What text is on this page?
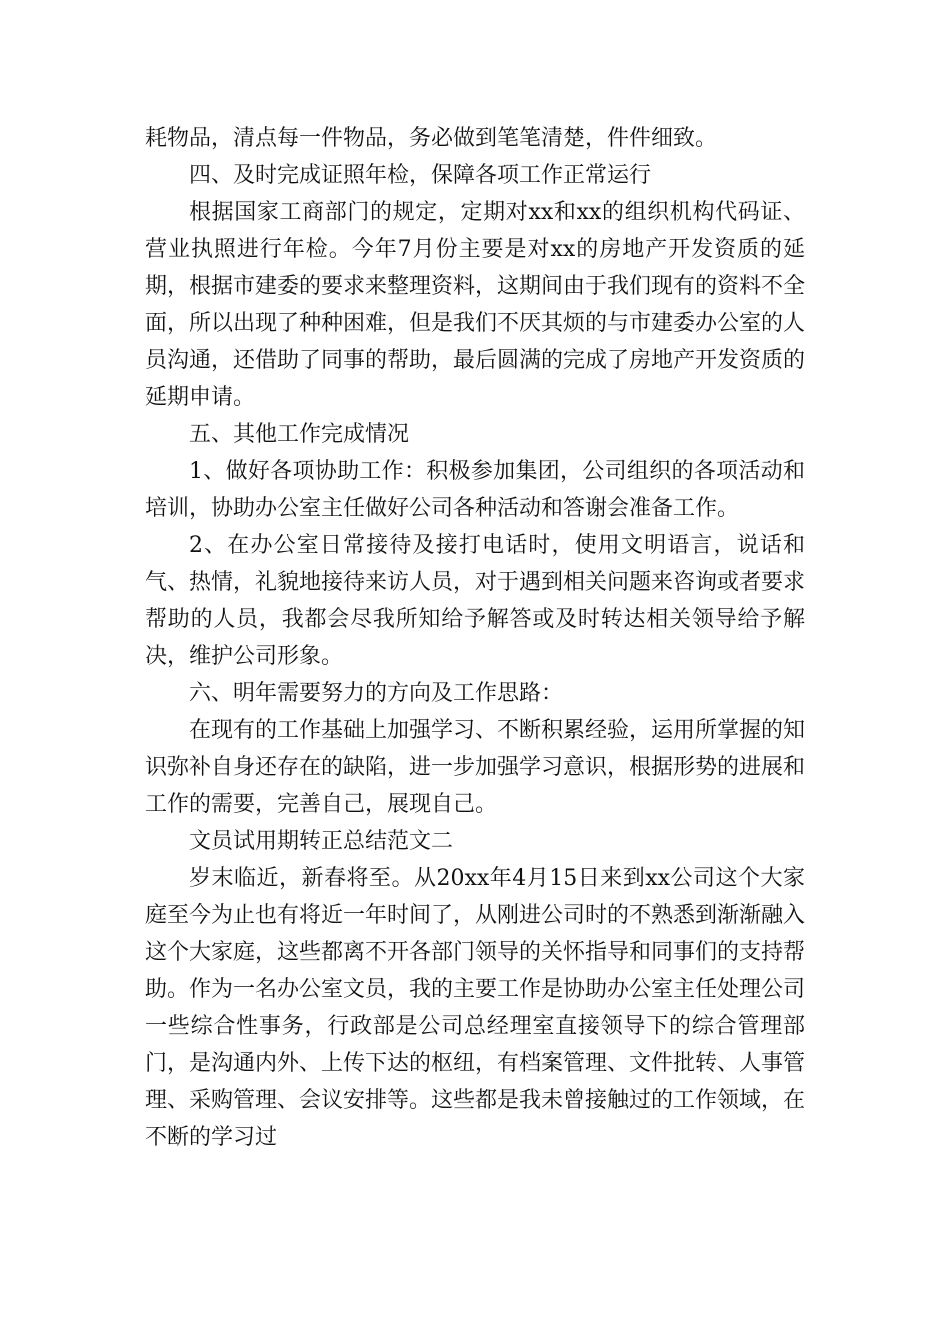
耗物品，清点每一件物品，务必做到笔笔清楚，件件细致。

四、及时完成证照年检，保障各项工作正常运行

根据国家工商部门的规定，定期对xx和xx的组织机构代码证、营业执照进行年检。今年7月份主要是对xx的房地产开发资质的延期，根据市建委的要求来整理资料，这期间由于我们现有的资料不全面，所以出现了种种困难，但是我们不厌其烦的与市建委办公室的人员沟通，还借助了同事的帮助，最后圆满的完成了房地产开发资质的延期申请。

五、其他工作完成情况

1、做好各项协助工作：积极参加集团，公司组织的各项活动和培训，协助办公室主任做好公司各种活动和答谢会准备工作。

2、在办公室日常接待及接打电话时，使用文明语言，说话和气、热情，礼貌地接待来访人员，对于遇到相关问题来咨询或者要求帮助的人员，我都会尽我所知给予解答或及时转达相关领导给予解决，维护公司形象。

六、明年需要努力的方向及工作思路：

在现有的工作基础上加强学习、不断积累经验，运用所掌握的知识弥补自身还存在的缺陷，进一步加强学习意识，根据形势的进展和工作的需要，完善自己，展现自己。

文员试用期转正总结范文二

岁末临近，新春将至。从20xx年4月15日来到xx公司这个大家庭至今为止也有将近一年时间了，从刚进公司时的不熟悉到渐渐融入这个大家庭，这些都离不开各部门领导的关怀指导和同事们的支持帮助。作为一名办公室文员，我的主要工作是协助办公室主任处理公司一些综合性事务，行政部是公司总经理室直接领导下的综合管理部门，是沟通内外、上传下达的枢纽，有档案管理、文件批转、人事管理、采购管理、会议安排等。这些都是我未曾接触过的工作领域，在不断的学习过
